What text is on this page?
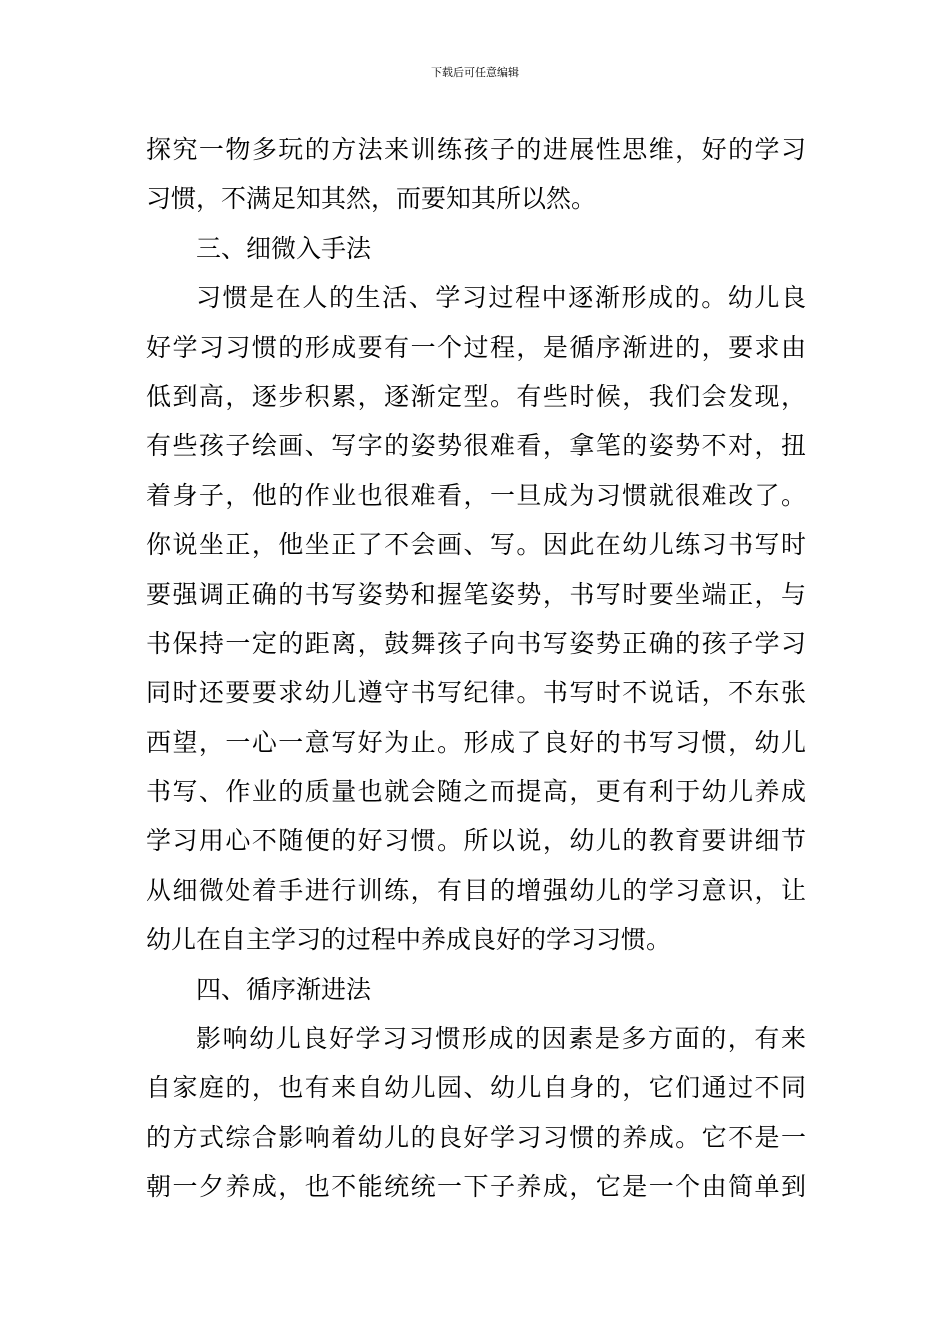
下载后可任意编辑
探究一物多玩的方法来训练孩子的进展性思维，好的学习
习惯，不满足知其然，而要知其所以然。
三、细微入手法
习惯是在人的生活、学习过程中逐渐形成的。幼儿良
好学习习惯的形成要有一个过程，是循序渐进的，要求由
低到高，逐步积累，逐渐定型。有些时候，我们会发现，
有些孩子绘画、写字的姿势很难看，拿笔的姿势不对，扭
着身子，他的作业也很难看，一旦成为习惯就很难改了。
你说坐正，他坐正了不会画、写。因此在幼儿练习书写时
要强调正确的书写姿势和握笔姿势，书写时要坐端正，与
书保持一定的距离，鼓舞孩子向书写姿势正确的孩子学习
同时还要要求幼儿遵守书写纪律。书写时不说话，不东张
西望，一心一意写好为止。形成了良好的书写习惯，幼儿
书写、作业的质量也就会随之而提高，更有利于幼儿养成
学习用心不随便的好习惯。所以说，幼儿的教育要讲细节
从细微处着手进行训练，有目的增强幼儿的学习意识，让
幼儿在自主学习的过程中养成良好的学习习惯。
四、循序渐进法
影响幼儿良好学习习惯形成的因素是多方面的，有来
自家庭的，也有来自幼儿园、幼儿自身的，它们通过不同
的方式综合影响着幼儿的良好学习习惯的养成。它不是一
朝一夕养成，也不能统统一下子养成，它是一个由简单到
